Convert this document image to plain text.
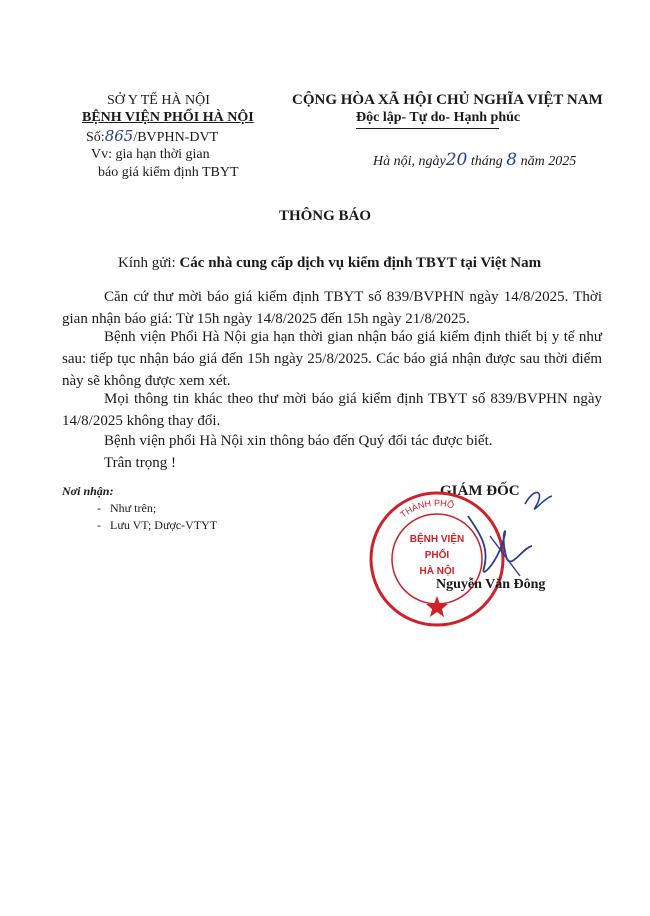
SỞ Y TẾ HÀ NỘI
BỆNH VIỆN PHỔI HÀ NỘI
Số:865/BVPHN-DVT
Vv: gia hạn thời gian
báo giá kiểm định TBYT
CỘNG HÒA XÃ HỘI CHỦ NGHĨA VIỆT NAM
Độc lập- Tự do- Hạnh phúc
Hà nội, ngày20 tháng 8 năm 2025
THÔNG BÁO
Kính gửi: Các nhà cung cấp dịch vụ kiểm định TBYT tại Việt Nam
Căn cứ thư mời báo giá kiểm định TBYT số 839/BVPHN ngày 14/8/2025. Thời gian nhận báo giá: Từ 15h ngày 14/8/2025 đến 15h ngày 21/8/2025.
Bệnh viện Phổi Hà Nội gia hạn thời gian nhận báo giá kiểm định thiết bị y tế như sau: tiếp tục nhận báo giá đến 15h ngày 25/8/2025. Các báo giá nhận được sau thời điểm này sẽ không được xem xét.
Mọi thông tin khác theo thư mời báo giá kiểm định TBYT số 839/BVPHN ngày 14/8/2025 không thay đổi.
Bệnh viện phổi Hà Nội xin thông báo đến Quý đối tác được biết.
Trân trọng !
Nơi nhận:
-   Như trên;
-   Lưu VT; Dược-VTYT
GIÁM ĐỐC
THÀNH PHỐ
BỆNH VIỆN
PHỔI
HÀ NỘI
Nguyễn Văn Đông
